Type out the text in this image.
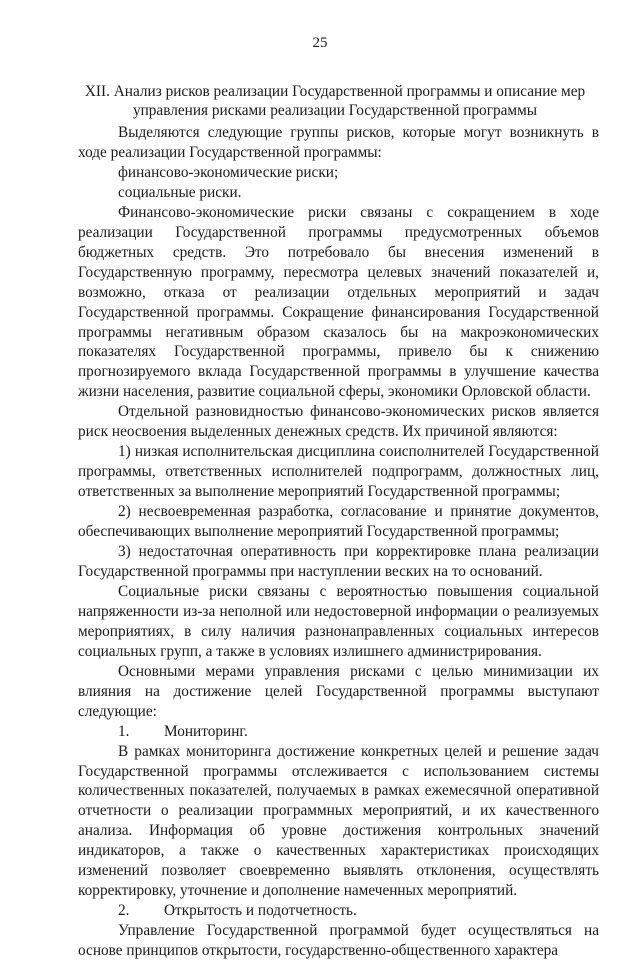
25
XII. Анализ рисков реализации Государственной программы и описание мер
управления рисками реализации Государственной программы

Выделяются следующие группы рисков, которые могут возникнуть в ходе реализации Государственной программы:

финансово-экономические риски;

социальные риски.

Финансово-экономические риски связаны с сокращением в ходе реализации Государственной программы предусмотренных объемов бюджетных средств. Это потребовало бы внесения изменений в Государственную программу, пересмотра целевых значений показателей и, возможно, отказа от реализации отдельных мероприятий и задач Государственной программы. Сокращение финансирования Государственной программы негативным образом сказалось бы на макроэкономических показателях Государственной программы, привело бы к снижению прогнозируемого вклада Государственной программы в улучшение качества жизни населения, развитие социальной сферы, экономики Орловской области.

Отдельной разновидностью финансово-экономических рисков является риск неосвоения выделенных денежных средств. Их причиной являются:

1) низкая исполнительская дисциплина соисполнителей Государственной программы, ответственных исполнителей подпрограмм, должностных лиц, ответственных за выполнение мероприятий Государственной программы;

2) несвоевременная разработка, согласование и принятие документов, обеспечивающих выполнение мероприятий Государственной программы;

3) недостаточная оперативность при корректировке плана реализации Государственной программы при наступлении веских на то оснований.

Социальные риски связаны с вероятностью повышения социальной напряженности из-за неполной или недостоверной информации о реализуемых мероприятиях, в силу наличия разнонаправленных социальных интересов социальных групп, а также в условиях излишнего администрирования.

Основными мерами управления рисками с целью минимизации их влияния на достижение целей Государственной программы выступают следующие:

1. Мониторинг.

В рамках мониторинга достижение конкретных целей и решение задач Государственной программы отслеживается с использованием системы количественных показателей, получаемых в рамках ежемесячной оперативной отчетности о реализации программных мероприятий, и их качественного анализа. Информация об уровне достижения контрольных значений индикаторов, а также о качественных характеристиках происходящих изменений позволяет своевременно выявлять отклонения, осуществлять корректировку, уточнение и дополнение намеченных мероприятий.

2. Открытость и подотчетность.

Управление Государственной программой будет осуществляться на основе принципов открытости, государственно-общественного характера
